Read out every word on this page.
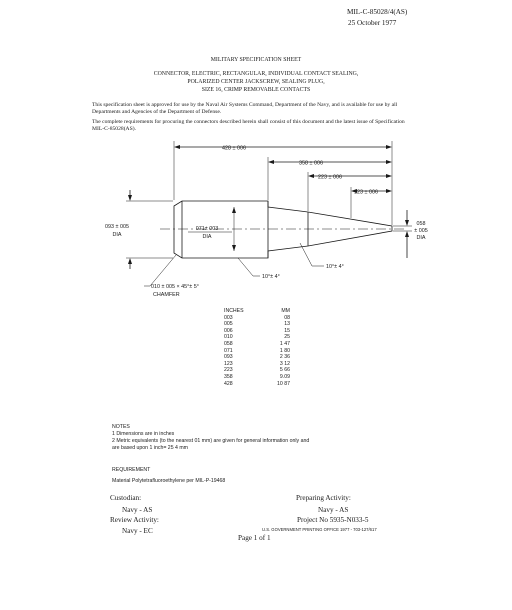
MIL-C-85028/4(AS)
25 October 1977
MILITARY SPECIFICATION SHEET
CONNECTOR, ELECTRIC, RECTANGULAR, INDIVIDUAL CONTACT SEALING,
POLARIZED CENTER JACKSCREW, SEALING PLUG,
SIZE 16, CRIMP REMOVABLE CONTACTS

This specification sheet is approved for use by the Naval Air Systems Command, Department of the Navy, and is available for use by all Departments and Agencies of the Department of Defense.

The complete requirements for procuring the connectors described herein shall consist of this document and the latest issue of Specification MIL-C-85028(AS).

428 ± 006
358 ± 006
223 ± 006
123 ± 006
093 ± 005
DIA
071± 003
DIA
058
± 005
DIA
10°± 4°
10°± 4°
010 ± 005 × 45°± 5°
CHAMFER
INCHES	MM
003	08
005	13
006	15
010	25
058	1 47
071	1 80
093	2 36
123	3 12
223	5 66
358	9.09
428	10 87
NOTES
1 Dimensions are in inches
2 Metric equivalents (to the nearest 01 mm) are given for general information only and
are based upon 1 inch= 25 4 mm
REQUIREMENT
Material Polytetrafluoroethylene per MIL-P-19468
Custodian:
Navy - AS
Review Activity:
Navy - EC
Preparing Activity:
Navy - AS
Project No 5935-N033-5
U.S. GOVERNMENT PRINTING OFFICE 1977 - 703-127/617
Page 1 of 1
